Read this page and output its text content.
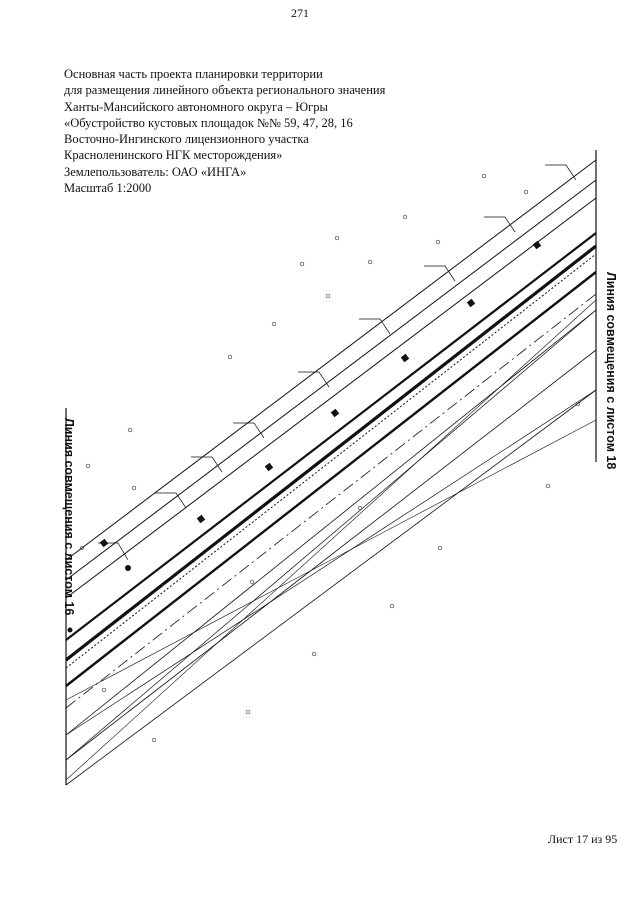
271
Основная часть проекта планировки территории
для размещения линейного объекта регионального значения
Ханты-Мансийского автономного округа – Югры
«Обустройство кустовых площадок №№ 59, 47, 28, 16
Восточно-Ингинского лицензионного участка
Красноленинского НГК месторождения»
Землепользователь: ОАО «ИНГА»
Масштаб 1:2000
Линия совмещения с листом 18
Линия совмещения с листом 16
Лист 17 из 95
